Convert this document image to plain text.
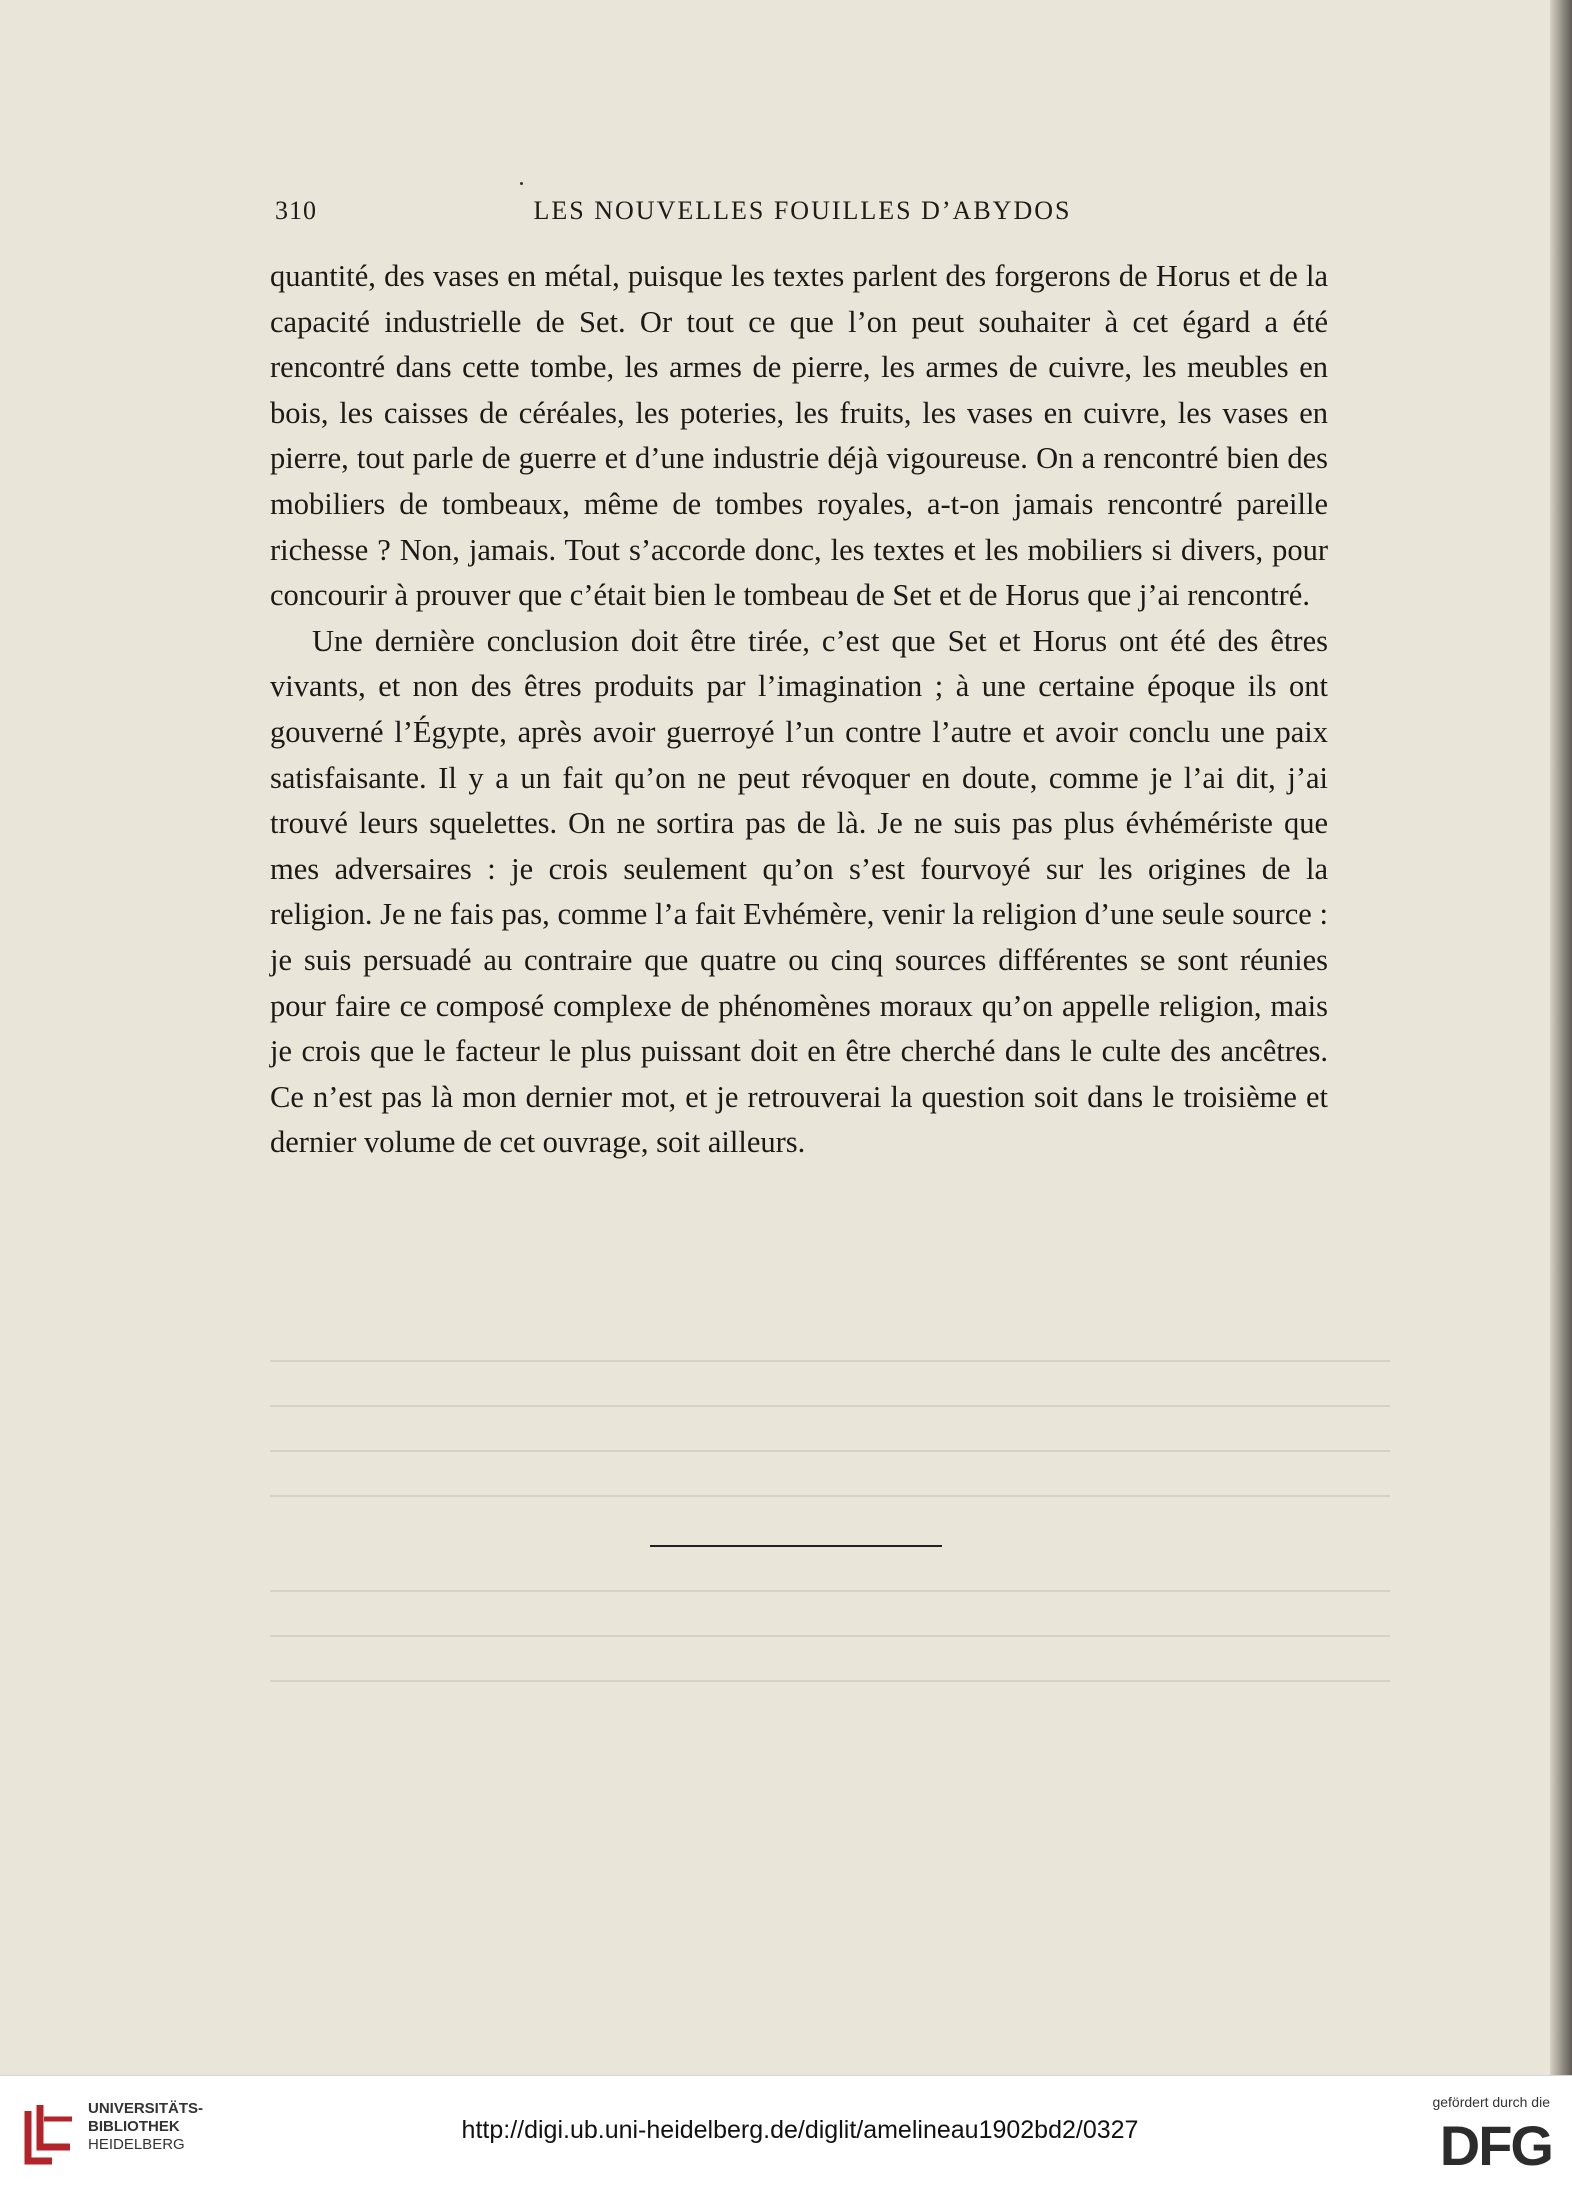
310	LES NOUVELLES FOUILLES D’ABYDOS

quantité, des vases en métal, puisque les textes parlent des forgerons de Horus et de la capacité industrielle de Set. Or tout ce que l’on peut souhaiter à cet égard a été rencontré dans cette tombe, les armes de pierre, les armes de cuivre, les meubles en bois, les caisses de céréales, les poteries, les fruits, les vases en cuivre, les vases en pierre, tout parle de guerre et d’une industrie déjà vigoureuse. On a rencontré bien des mobiliers de tombeaux, même de tombes royales, a-t-on jamais rencontré pareille richesse ? Non, jamais. Tout s’accorde donc, les textes et les mobiliers si divers, pour concourir à prouver que c’était bien le tombeau de Set et de Horus que j’ai rencontré.

Une dernière conclusion doit être tirée, c’est que Set et Horus ont été des êtres vivants, et non des êtres produits par l’imagination ; à une certaine époque ils ont gouverné l’Égypte, après avoir guerroyé l’un contre l’autre et avoir conclu une paix satisfaisante. Il y a un fait qu’on ne peut révoquer en doute, comme je l’ai dit, j’ai trouvé leurs squelettes. On ne sortira pas de là. Je ne suis pas plus évhémériste que mes adversaires : je crois seulement qu’on s’est fourvoyé sur les origines de la religion. Je ne fais pas, comme l’a fait Evhémère, venir la religion d’une seule source : je suis persuadé au contraire que quatre ou cinq sources différentes se sont réunies pour faire ce composé complexe de phénomènes moraux qu’on appelle religion, mais je crois que le facteur le plus puissant doit en être cherché dans le culte des ancêtres. Ce n’est pas là mon dernier mot, et je retrouverai la question soit dans le troisième et dernier volume de cet ouvrage, soit ailleurs.

UNIVERSITÄTS-
BIBLIOTHEK
HEIDELBERG
http://digi.ub.uni-heidelberg.de/diglit/amelineau1902bd2/0327
gefördert durch die
DFG
